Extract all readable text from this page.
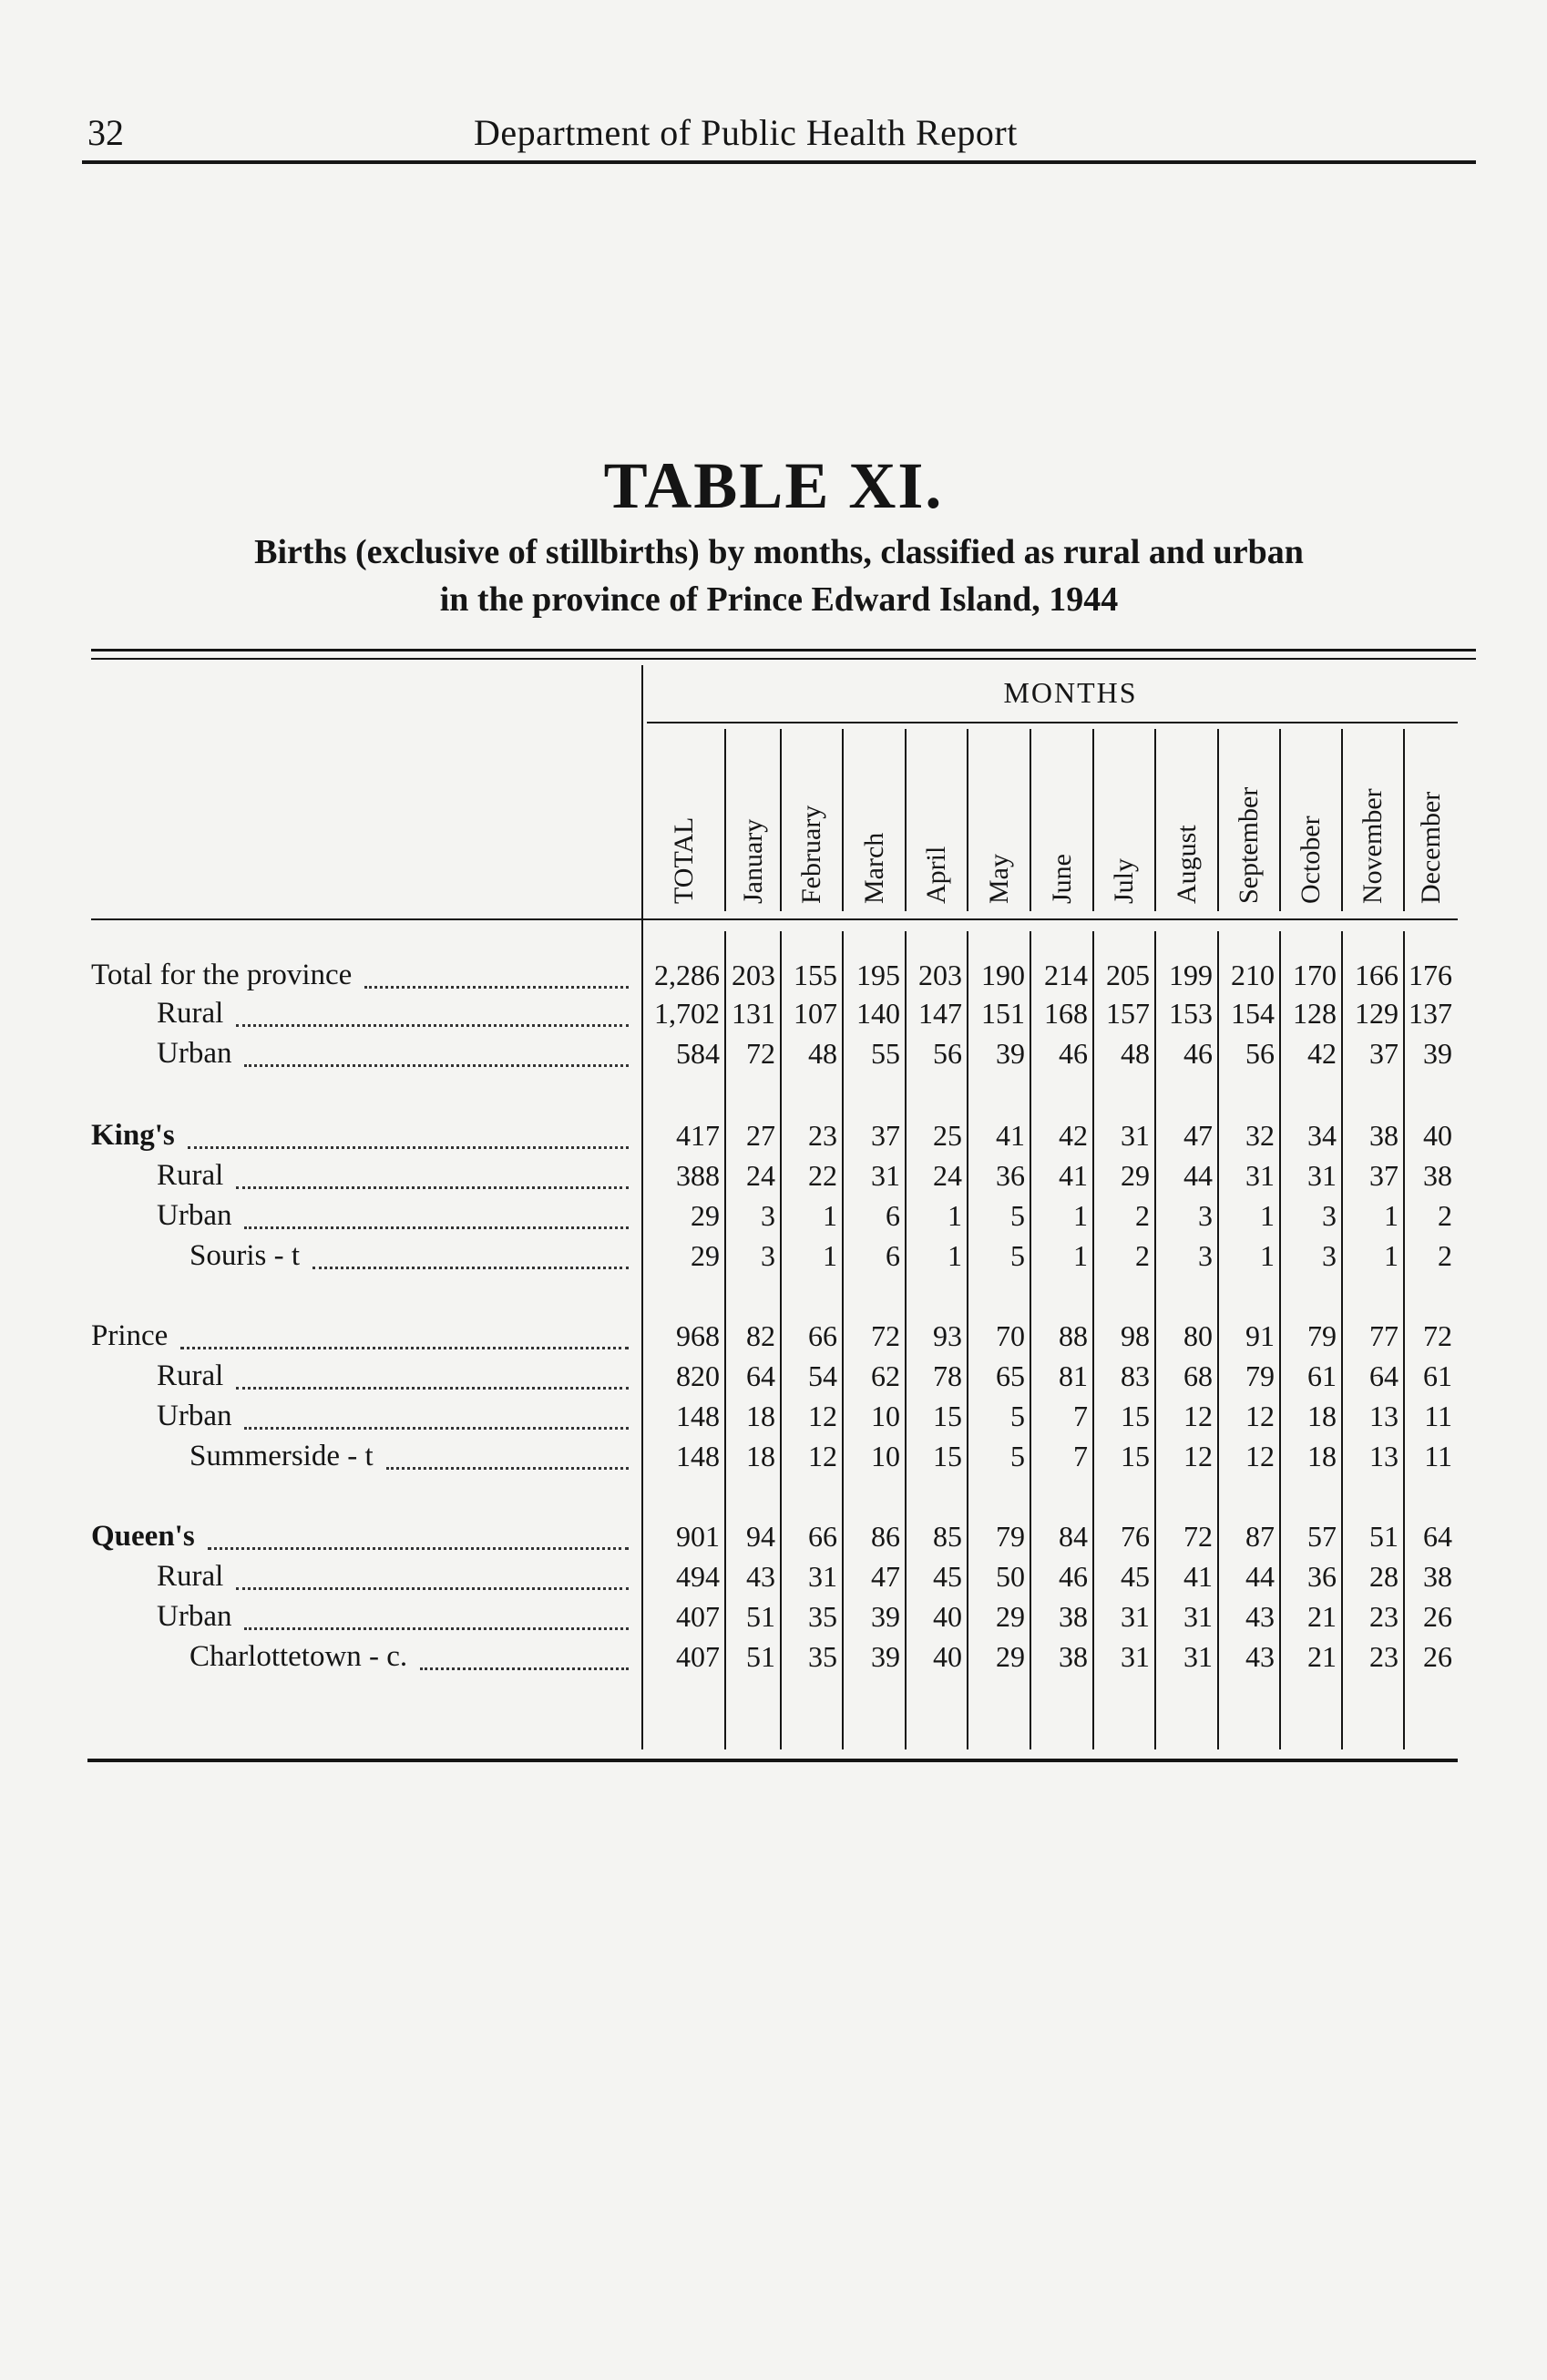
32	Department of Public Health Report
TABLE XI.
Births (exclusive of stillbirths) by months, classified as rural and urban
in the province of Prince Edward Island, 1944
MONTHS
TOTAL January February March April May June July August September October November December
Total for the province	2,286 203 155 195 203 190 214 205 199 210 170 166 176
Rural	1,702 131 107 140 147 151 168 157 153 154 128 129 137
Urban	584 72	48	55	56	39	46	48	46	56	42	37 39
King's	417 27	23	37	25	41	42	31	47	32	34	38 40
Rural	388 24	22	31	24	36	41	29	44	31	31	37 38
Urban	29	3	1	6	1	5	1	2	3	1	3	1	2
Souris - t	29	3	1	6	1	5	1	2	3	1	3	1	2
Prince	968 82	66	72	93	70	88	98	80	91	79	77 72
Rural	820 64	54	62	78	65	81	83	68	79	61	64 61
Urban	148 18	12	10	15	5	7	15	12	12	18	13 11
Summerside - t	148 18	12	10	15	5	7	15	12	12	18	13 11
Queen's	901 94	66	86	85	79	84	76	72	87	57	51 64
Rural	494 43	31	47	45	50	46	45	41	44	36	28 38
Urban	407 51	35	39	40	29	38	31	31	43	21	23 26
Charlottetown - c.	407 51	35	39	40	29	38	31	31	43	21	23 26
